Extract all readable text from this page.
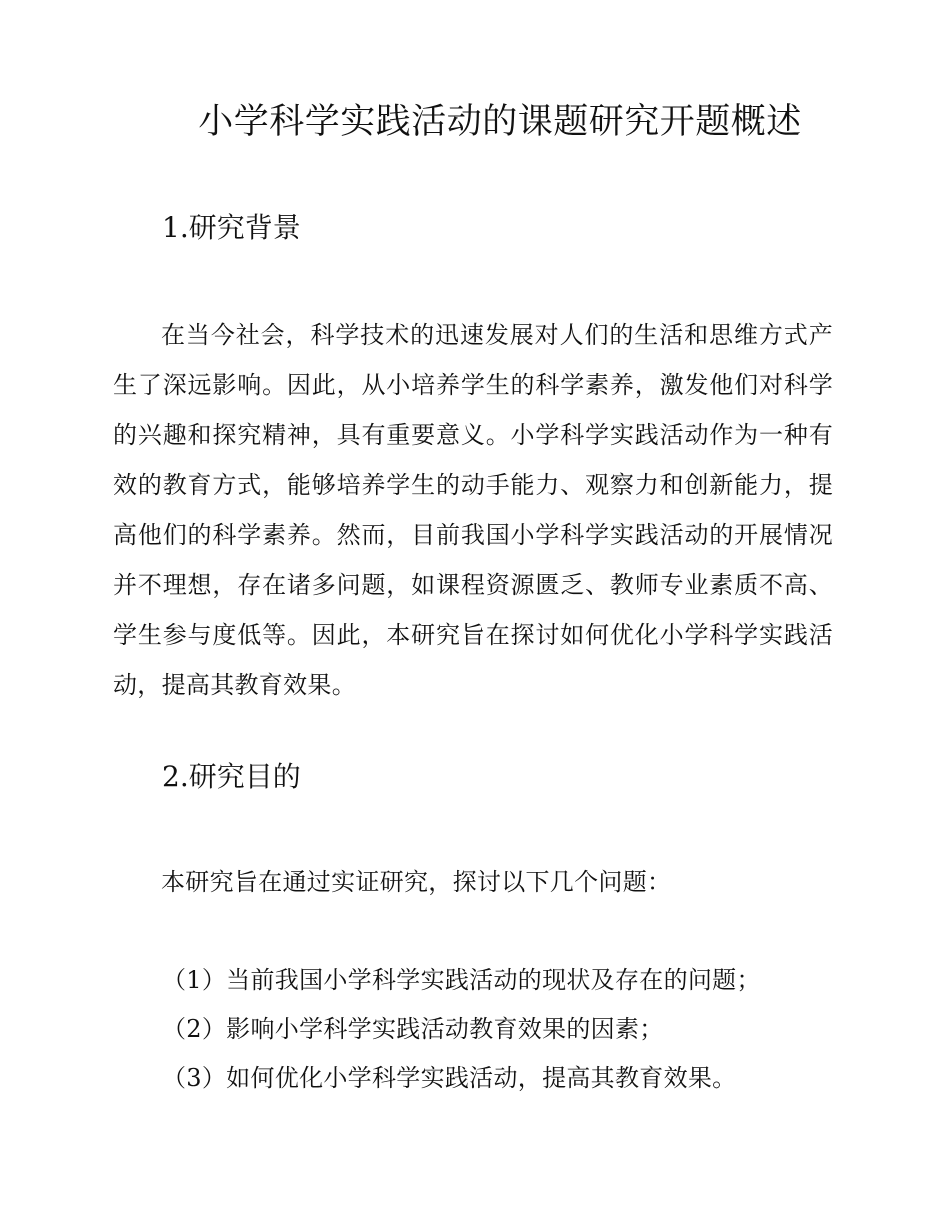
小学科学实践活动的课题研究开题概述
1.研究背景

在当今社会，科学技术的迅速发展对人们的生活和思维方式产生了深远影响。因此，从小培养学生的科学素养，激发他们对科学的兴趣和探究精神，具有重要意义。小学科学实践活动作为一种有效的教育方式，能够培养学生的动手能力、观察力和创新能力，提高他们的科学素养。然而，目前我国小学科学实践活动的开展情况并不理想，存在诸多问题，如课程资源匮乏、教师专业素质不高、学生参与度低等。因此，本研究旨在探讨如何优化小学科学实践活动，提高其教育效果。

2.研究目的

本研究旨在通过实证研究，探讨以下几个问题：

（1）当前我国小学科学实践活动的现状及存在的问题；
（2）影响小学科学实践活动教育效果的因素；
（3）如何优化小学科学实践活动，提高其教育效果。
